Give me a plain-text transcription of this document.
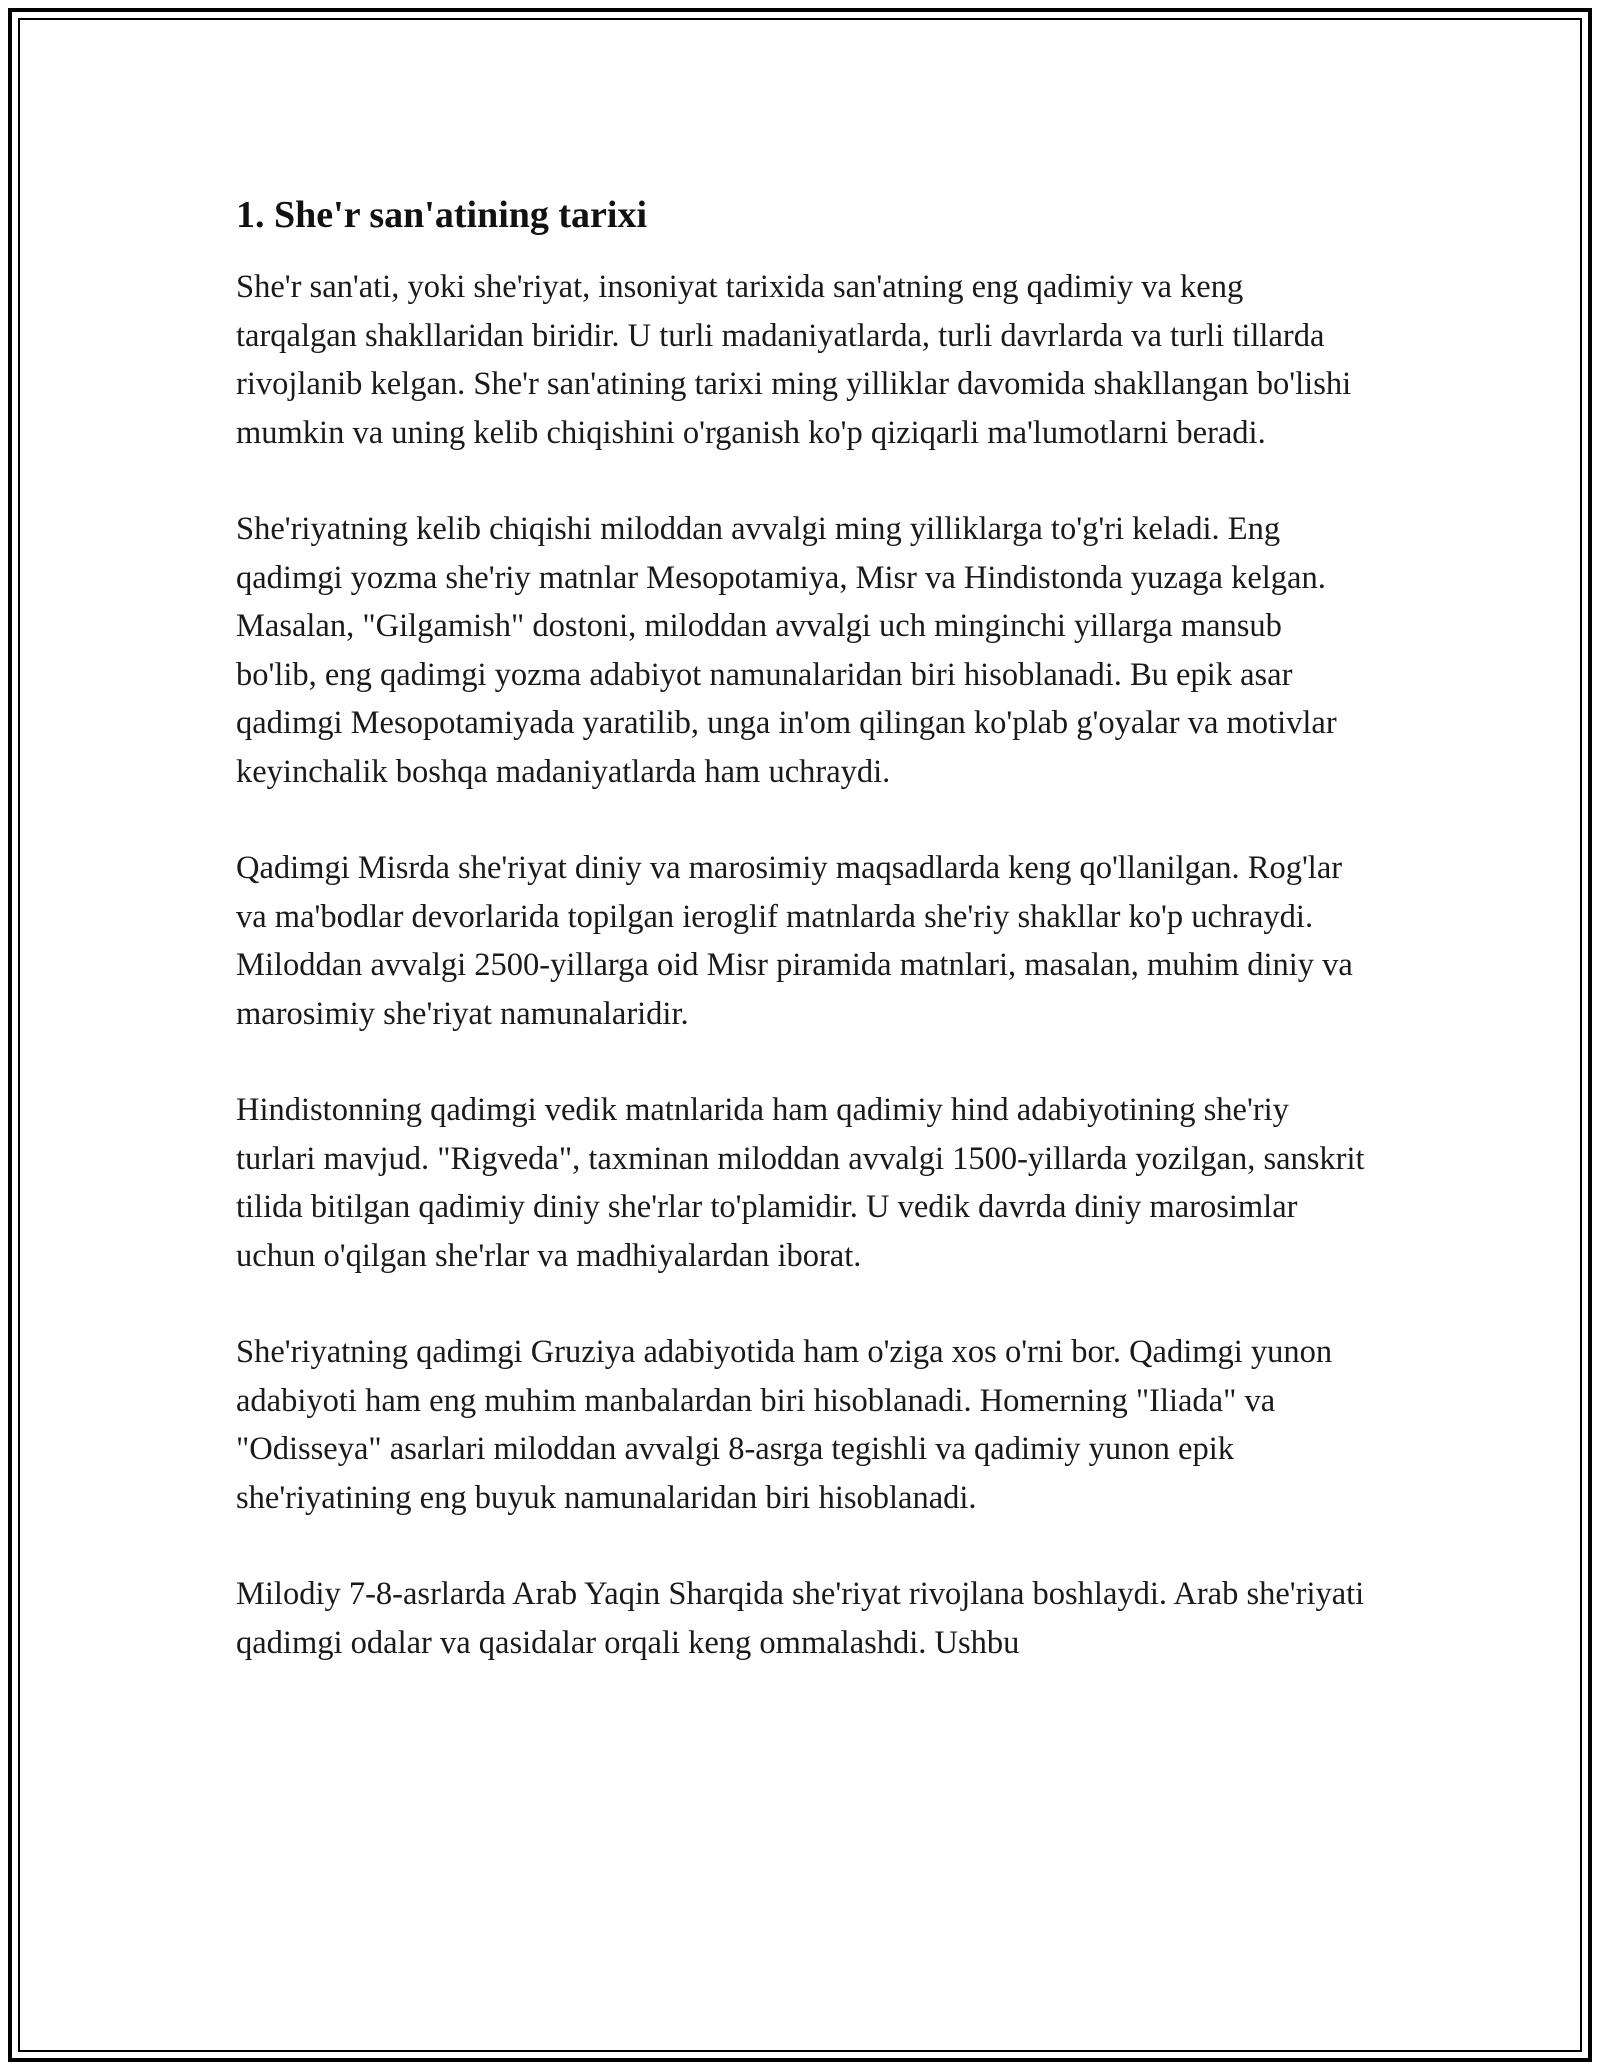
1. She'r san'atining tarixi

She'r san'ati, yoki she'riyat, insoniyat tarixida san'atning eng qadimiy va keng tarqalgan shakllaridan biridir. U turli madaniyatlarda, turli davrlarda va turli tillarda rivojlanib kelgan. She'r san'atining tarixi ming yilliklar davomida shakllangan bo'lishi mumkin va uning kelib chiqishini o'rganish ko'p qiziqarli ma'lumotlarni beradi.

She'riyatning kelib chiqishi miloddan avvalgi ming yilliklarga to'g'ri keladi. Eng qadimgi yozma she'riy matnlar Mesopotamiya, Misr va Hindistonda yuzaga kelgan. Masalan, "Gilgamish" dostoni, miloddan avvalgi uch minginchi yillarga mansub bo'lib, eng qadimgi yozma adabiyot namunalaridan biri hisoblanadi. Bu epik asar qadimgi Mesopotamiyada yaratilib, unga in'om qilingan ko'plab g'oyalar va motivlar keyinchalik boshqa madaniyatlarda ham uchraydi.

Qadimgi Misrda she'riyat diniy va marosimiy maqsadlarda keng qo'llanilgan. Rog'lar va ma'bodlar devorlarida topilgan ieroglif matnlarda she'riy shakllar ko'p uchraydi. Miloddan avvalgi 2500-yillarga oid Misr piramida matnlari, masalan, muhim diniy va marosimiy she'riyat namunalaridir.

Hindistonning qadimgi vedik matnlarida ham qadimiy hind adabiyotining she'riy turlari mavjud. "Rigveda", taxminan miloddan avvalgi 1500-yillarda yozilgan, sanskrit tilida bitilgan qadimiy diniy she'rlar to'plamidir. U vedik davrda diniy marosimlar uchun o'qilgan she'rlar va madhiyalardan iborat.

She'riyatning qadimgi Gruziya adabiyotida ham o'ziga xos o'rni bor. Qadimgi yunon adabiyoti ham eng muhim manbalardan biri hisoblanadi. Homerning "Iliada" va "Odisseya" asarlari miloddan avvalgi 8-asrga tegishli va qadimiy yunon epik she'riyatining eng buyuk namunalaridan biri hisoblanadi.

Milodiy 7-8-asrlarda Arab Yaqin Sharqida she'riyat rivojlana boshlaydi. Arab she'riyati qadimgi odalar va qasidalar orqali keng ommalashdi. Ushbu
